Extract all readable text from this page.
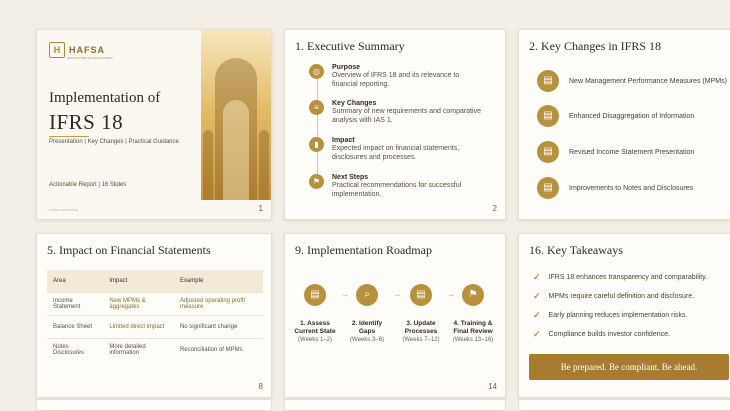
H HAFSA
ACCOUNTING & CONSULTANCY
Implementation of
IFRS 18
Presentation | Key Changes | Practical Guidance
Actionable Report | 16 Slides
hafsa.consulting	1
1. Executive Summary
◎	Purpose
Overview of IFRS 18 and its relevance to financial reporting.
≡	Key Changes
Summary of new requirements and comparative analysis with IAS 1.
▮	Impact
Expected impact on financial statements, disclosures and processes.
⚑	Next Steps
Practical recommendations for successful implementation.
2
2. Key Changes in IFRS 18
▤	New Management Performance Measures (MPMs)
▤	Enhanced Disaggregation of Information
▤	Revised Income Statement Presentation
▤	Improvements to Notes and Disclosures
5. Impact on Financial Statements
Area	Impact	Example
Income Statement	New MPMs & aggregates	Adjusted operating profit measure
Balance Sheet	Limited direct impact	No significant change
Notes Disclosures	More detailed information	Reconciliation of MPMs
8
9. Implementation Roadmap
▤
1. Assess Current State
(Weeks 1–2)
→	⌕
2. Identify Gaps
(Weeks 3–6)
→	▤
3. Update Processes
(Weeks 7–12)
→	⚑
4. Training & Final Review
(Weeks 13–16)
14
16. Key Takeaways
✓ IFRS 18 enhances transparency and comparability.
✓ MPMs require careful definition and disclosure.
✓ Early planning reduces implementation risks.
✓ Compliance builds investor confidence.
Be prepared. Be compliant. Be ahead.
